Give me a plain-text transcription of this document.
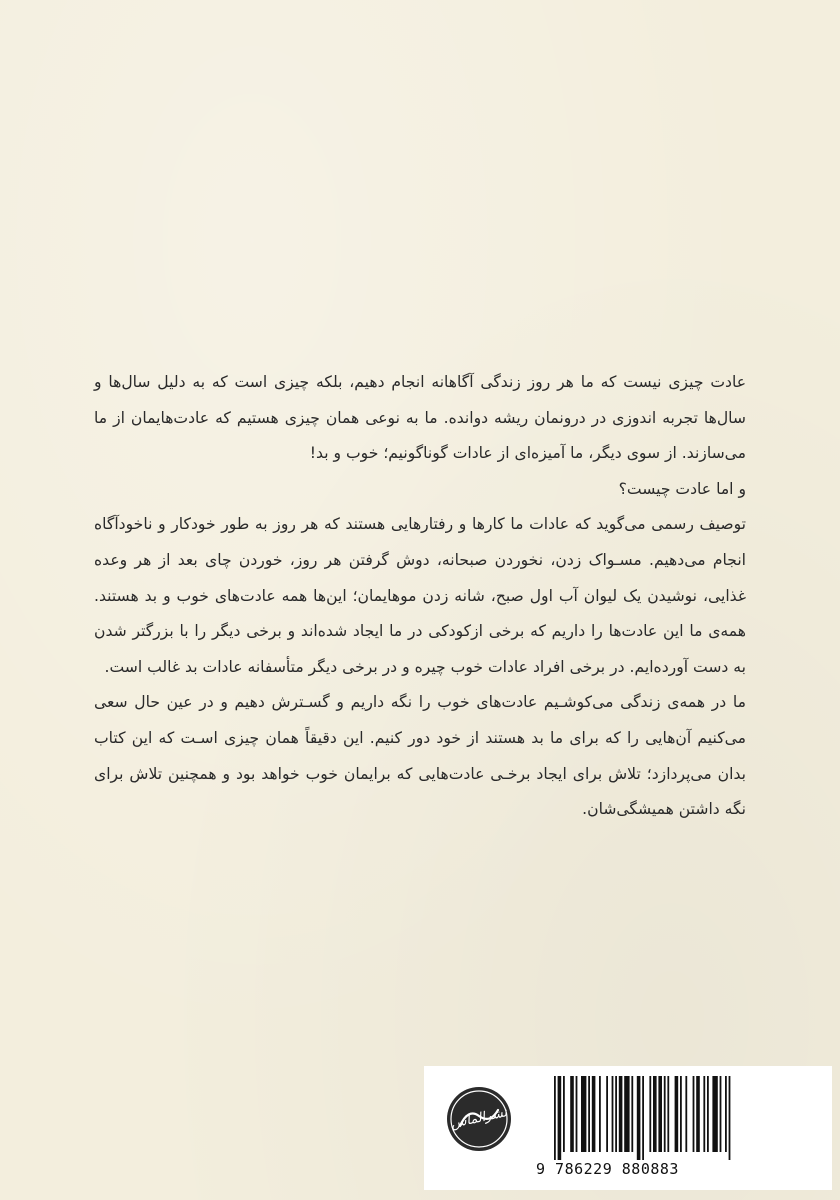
عادت چیزی نیست که ما هر روز زندگی آگاهانه انجام دهیم، بلکه چیزی است که به دلیل سال‌ها و سال‌ها تجربه اندوزی در درونمان ریشه دوانده. ما به نوعی همان چیزی هستیم که عادت‌هایمان از ما می‌سازند. از سوی دیگر، ما آمیزه‌ای از عادات گوناگونیم؛ خوب و بد!

و اما عادت چیست؟

توصیف رسمی می‌گوید که عادات ما کارها و رفتارهایی هستند که هر روز به طور خودکار و ناخودآگاه انجام می‌دهیم. مسـواک زدن، نخوردن صبحانه، دوش گرفتن هر روز، خوردن چای بعد از هر وعده غذایی، نوشیدن یک لیوان آب اول صبح، شانه زدن موهایمان؛ این‌ها همه عادت‌های خوب و بد هستند. همه‌ی ما این عادت‌ها را داریم که برخی ازکودکی در ما ایجاد شده‌اند و برخی دیگر را با بزرگتر شدن به دست آورده‌ایم. در برخی افراد عادات خوب چیره و در برخی دیگر متأسفانه عادات بد غالب است.

ما در همه‌ی زندگی می‌کوشـیم عادت‌های خوب را نگه داریم و گسـترش دهیم و در عین حال سعی می‌کنیم آن‌هایی را که برای ما بد هستند از خود دور کنیم. این دقیقاً همان چیزی اسـت که این کتاب بدان می‌پردازد؛ تلاش برای ایجاد برخـی عادت‌هایی که برایمان خوب خواهد بود و همچنین تلاش برای نگه داشتن همیشگی‌شان.

نشرالماس
9 786229 880883
